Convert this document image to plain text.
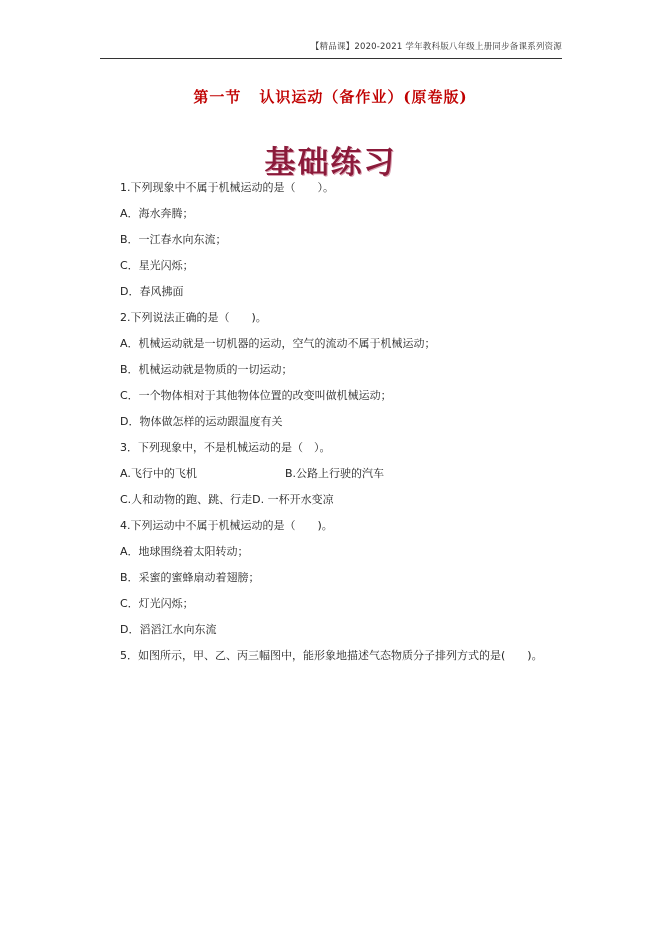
【精品课】2020-2021 学年教科版八年级上册同步备课系列资源
第一节 认识运动（备作业）(原卷版)
基础练习
1.下列现象中不属于机械运动的是（　　）。
A．海水奔腾；
B．一江春水向东流；
C．星光闪烁；
D．春风拂面
2.下列说法正确的是（　　)。
A．机械运动就是一切机器的运动，空气的流动不属于机械运动；
B．机械运动就是物质的一切运动；
C．一个物体相对于其他物体位置的改变叫做机械运动；
D．物体做怎样的运动跟温度有关
3．下列现象中，不是机械运动的是（　）。
A.飞行中的飞机	B.公路上行驶的汽车
C.人和动物的跑、跳、行走D. 一杯开水变凉
4.下列运动中不属于机械运动的是（　　)。
A．地球围绕着太阳转动；
B．采蜜的蜜蜂扇动着翅膀；
C．灯光闪烁；
D．滔滔江水向东流
5．如图所示，甲、乙、丙三幅图中，能形象地描述气态物质分子排列方式的是(　　)。
